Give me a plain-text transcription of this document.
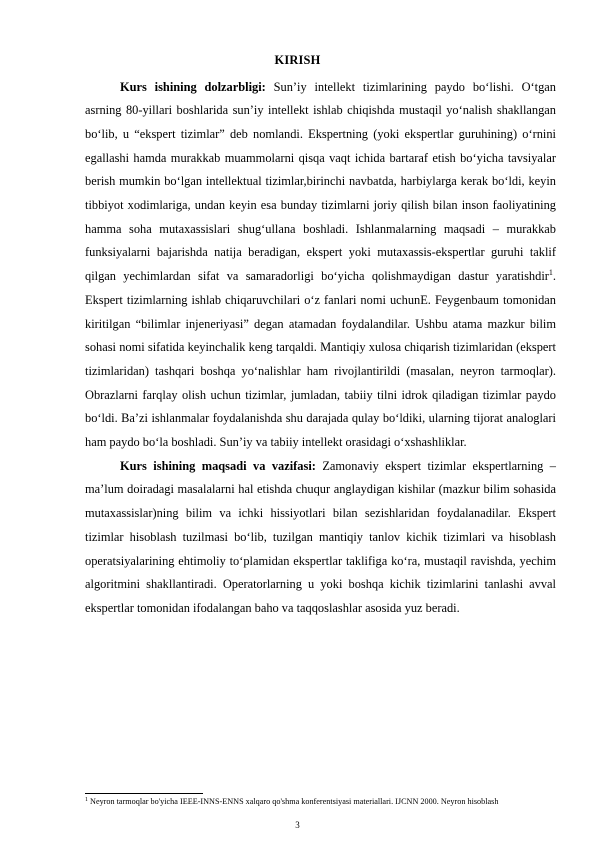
KIRISH

Kurs ishining dolzarbligi: Sun’iy intellekt tizimlarining paydo bo‘lishi. O‘tgan asrning 80-yillari boshlarida sun’iy intellekt ishlab chiqishda mustaqil yo‘nalish shakllangan bo‘lib, u “ekspert tizimlar” deb nomlandi. Ekspertning (yoki ekspertlar guruhining) o‘rnini egallashi hamda murakkab muammolarni qisqa vaqt ichida bartaraf etish bo‘yicha tavsiyalar berish mumkin bo‘lgan intellektual tizimlar,birinchi navbatda, harbiylarga kerak bo‘ldi, keyin tibbiyot xodimlariga, undan keyin esa bunday tizimlarni joriy qilish bilan inson faoliyatining hamma soha mutaxassislari shug‘ullana boshladi. Ishlanmalarning maqsadi – murakkab funksiyalarni bajarishda natija beradigan, ekspert yoki mutaxassis-ekspertlar guruhi taklif qilgan yechimlardan sifat va samaradorligi bo‘yicha qolishmaydigan dastur yaratishdir$^1$. Ekspert tizimlarning ishlab chiqaruvchilari o‘z fanlari nomi uchunE. Feygenbaum tomonidan kiritilgan “bilimlar injeneriyasi” degan atamadan foydalandilar. Ushbu atama mazkur bilim sohasi nomi sifatida keyinchalik keng tarqaldi. Mantiqiy xulosa chiqarish tizimlaridan (ekspert tizimlaridan) tashqari boshqa yo‘nalishlar ham rivojlantirildi (masalan, neyron tarmoqlar). Obrazlarni farqlay olish uchun tizimlar, jumladan, tabiiy tilni idrok qiladigan tizimlar paydo bo‘ldi. Ba’zi ishlanmalar foydalanishda shu darajada qulay bo‘ldiki, ularning tijorat analoglari ham paydo bo‘la boshladi. Sun’iy va tabiiy intellekt orasidagi o‘xshashliklar.

Kurs ishining maqsadi va vazifasi: Zamonaviy ekspert tizimlar ekspertlarning – ma’lum doiradagi masalalarni hal etishda chuqur anglaydigan kishilar (mazkur bilim sohasida mutaxassislar)ning bilim va ichki hissiyotlari bilan sezishlaridan foydalanadilar. Ekspert tizimlar hisoblash tuzilmasi bo‘lib, tuzilgan mantiqiy tanlov kichik tizimlari va hisoblash operatsiyalarining ehtimoliy to‘plamidan ekspertlar taklifiga ko‘ra, mustaqil ravishda, yechim algoritmini shakllantiradi. Operatorlarning u yoki boshqa kichik tizimlarini tanlashi avval ekspertlar tomonidan ifodalangan baho va taqqoslashlar asosida yuz beradi.

$^1$ Neyron tarmoqlar bo'yicha IEEE-INNS-ENNS xalqaro qo'shma konferentsiyasi materiallari. IJCNN 2000. Neyron hisoblash
3
